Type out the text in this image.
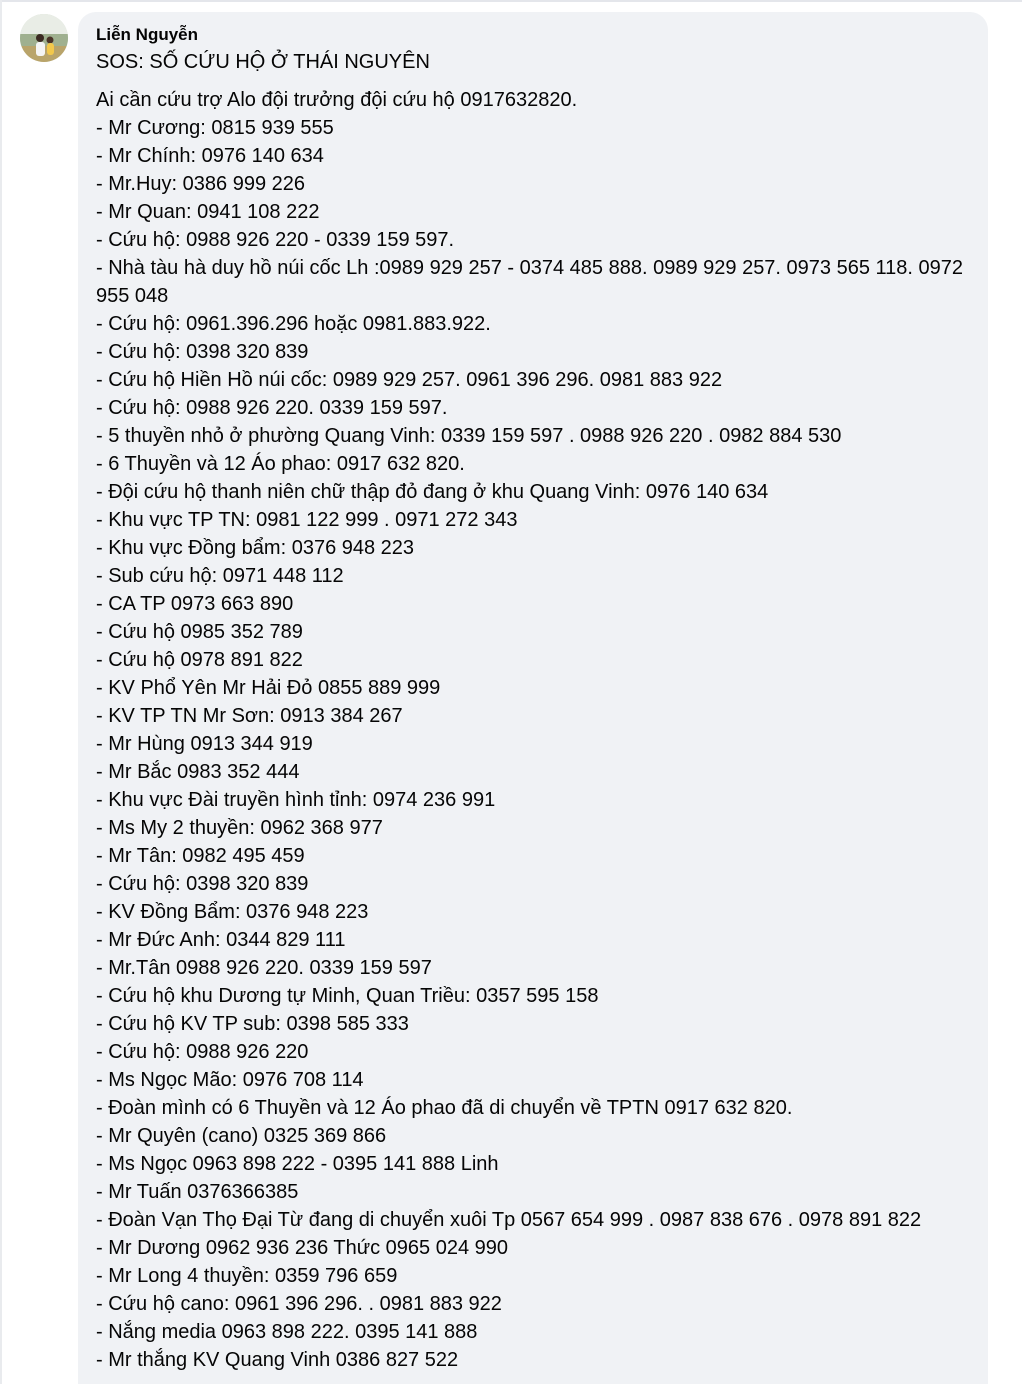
Liễn Nguyễn

SOS: SỐ CỨU HỘ Ở THÁI NGUYÊN

Ai cần cứu trợ Alo đội trưởng đội cứu hộ 0917632820.

- Mr Cương: 0815 939 555

- Mr Chính: 0976 140 634

- Mr.Huy: 0386 999 226

- Mr Quan: 0941 108 222

- Cứu hộ: 0988 926 220 - 0339 159 597.

- Nhà tàu hà duy hồ núi cốc Lh :0989 929 257 - 0374 485 888. 0989 929 257. 0973 565 118. 0972 955 048

- Cứu hộ: 0961.396.296 hoặc 0981.883.922.

- Cứu hộ: 0398 320 839

- Cứu hộ Hiền Hồ núi cốc: 0989 929 257. 0961 396 296. 0981 883 922

- Cứu hộ: 0988 926 220. 0339 159 597.

- 5 thuyền nhỏ ở phường Quang Vinh: 0339 159 597 . 0988 926 220 . 0982 884 530

- 6 Thuyền và 12 Áo phao: 0917 632 820.

- Đội cứu hộ thanh niên chữ thập đỏ đang ở khu Quang Vinh: 0976 140 634

- Khu vực TP TN: 0981 122 999 . 0971 272 343

- Khu vực Đồng bẩm: 0376 948 223

- Sub cứu hộ: 0971 448 112

- CA TP 0973 663 890

- Cứu hộ 0985 352 789

- Cứu hộ 0978 891 822

- KV Phổ Yên Mr Hải Đỏ 0855 889 999

- KV TP TN Mr Sơn: 0913 384 267

- Mr Hùng 0913 344 919

- Mr Bắc 0983 352 444

- Khu vực Đài truyền hình tỉnh: 0974 236 991

- Ms My 2 thuyền: 0962 368 977

- Mr Tân: 0982 495 459

- Cứu hộ: 0398 320 839

- KV Đồng Bẩm: 0376 948 223

- Mr Đức Anh: 0344 829 111

- Mr.Tân 0988 926 220. 0339 159 597

- Cứu hộ khu Dương tự Minh, Quan Triều: 0357 595 158

- Cứu hộ KV TP sub: 0398 585 333

- Cứu hộ: 0988 926 220

- Ms Ngọc Mão: 0976 708 114

- Đoàn mình có 6 Thuyền và 12 Áo phao đã di chuyển về TPTN 0917 632 820.

- Mr Quyên (cano) 0325 369 866

- Ms Ngọc 0963 898 222 - 0395 141 888 Linh

- Mr Tuấn 0376366385

- Đoàn Vạn Thọ Đại Từ đang di chuyển xuôi Tp 0567 654 999 . 0987 838 676 . 0978 891 822

- Mr Dương 0962 936 236 Thức 0965 024 990

- Mr Long 4 thuyền: 0359 796 659

- Cứu hộ cano: 0961 396 296. . 0981 883 922

- Nắng media 0963 898 222. 0395 141 888

- Mr thắng KV Quang Vinh 0386 827 522
